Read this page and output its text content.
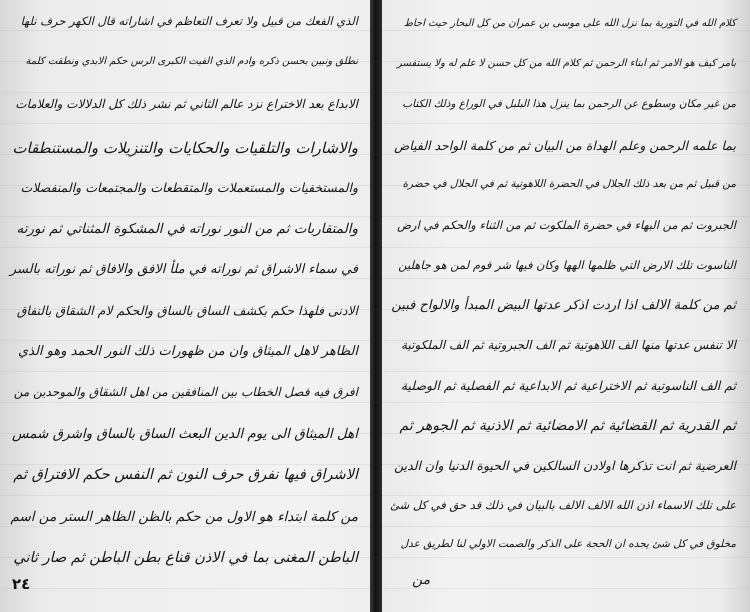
الذي الفعك من قبيل ولا تعرف التعاظم في اشاراته قال الكهر حرف نلها
نطلق ونبين بحسن ذكره وادم الذي الفيت الكبرى الرس حكم الابدي ونطقت كلمة
الابداع بعد الاختراع نزد عالم الثاني ثم نشر ذلك كل الدلالات والعلامات
والاشارات والتلقيات والحكايات والتنزيلات والمستنطقات
والمستخفيات والمستعملات والمتقطعات والمجتمعات والمنفصلات
والمتقاربات ثم من النور نوراته في المشكوة المثناتي ثم نورته
في سماء الاشراق ثم نوراته في ملأ الافق والافاق ثم نوراته بالسر
الادنى فلهذا حكم بكشف الساق بالساق والحكم لام الشقاق بالنفاق
الظاهر لاهل الميثاق وان من ظهورات ذلك النور الحمد وهو الذي
افرق فيه فصل الخطاب بين المنافقين من اهل الشقاق والموحدين من
اهل الميثاق الى يوم الدين البعث الساق بالساق واشرق شمس
الاشراق فيها نفرق حرف النون ثم النفس حكم الافتراق ثم
من كلمة ابتداء هو الاول من حكم بالظن الظاهر الستر من اسم
الباطن المغنى بما في الاذن قناع بطن الباطن ثم صار ثاني
٢٤
كلام الله في التورية بما نزل الله على موسى بن عمران من كل البحار حيث احاط
بامر كيف هو الامر ثم ابناء الرحمن ثم كلام الله من كل حسن لا علم له ولا يستفسر
من غير مكان وسطوع عن الرحمن بما ينزل هذا البلبل في الوراع وذلك الكتاب
بما علمه الرحمن وعلم الهداة من البيان ثم من كلمة الواحد الفياض
من قبيل ثم من بعد ذلك الجلال في الحضرة اللاهوتية ثم في الجلال في حضرة
الجبروت ثم من البهاء في حضرة الملكوت ثم من الثناء والحكم في ارض
الناسوت تلك الارض التي ظلمها الهها وكان فيها شر قوم لمن هو جاهلين
ثم من كلمة الالف اذا اردت اذكر عدتها البيض المبدأ والالواح فبين
الا تنفس عدتها منها الف اللاهوتية ثم الف الجبروتية ثم الف الملكوتية
ثم الف الناسوتية ثم الاختراعية ثم الابداعية ثم الفصلية ثم الوصلية
ثم القدرية ثم القضائية ثم الامضائية ثم الاذنية ثم الجوهر ثم
العرضية ثم انت تذكرها اولادن السالكين في الحيوة الدنيا وان الدين
على تلك الاسماء اذن الله الالف الالف بالبيان في ذلك قد حق في كل شئ
مخلوق في كل شئ يجده ان الحجة على الذكر والصمت الاولي لنا لطريق عدل
من
